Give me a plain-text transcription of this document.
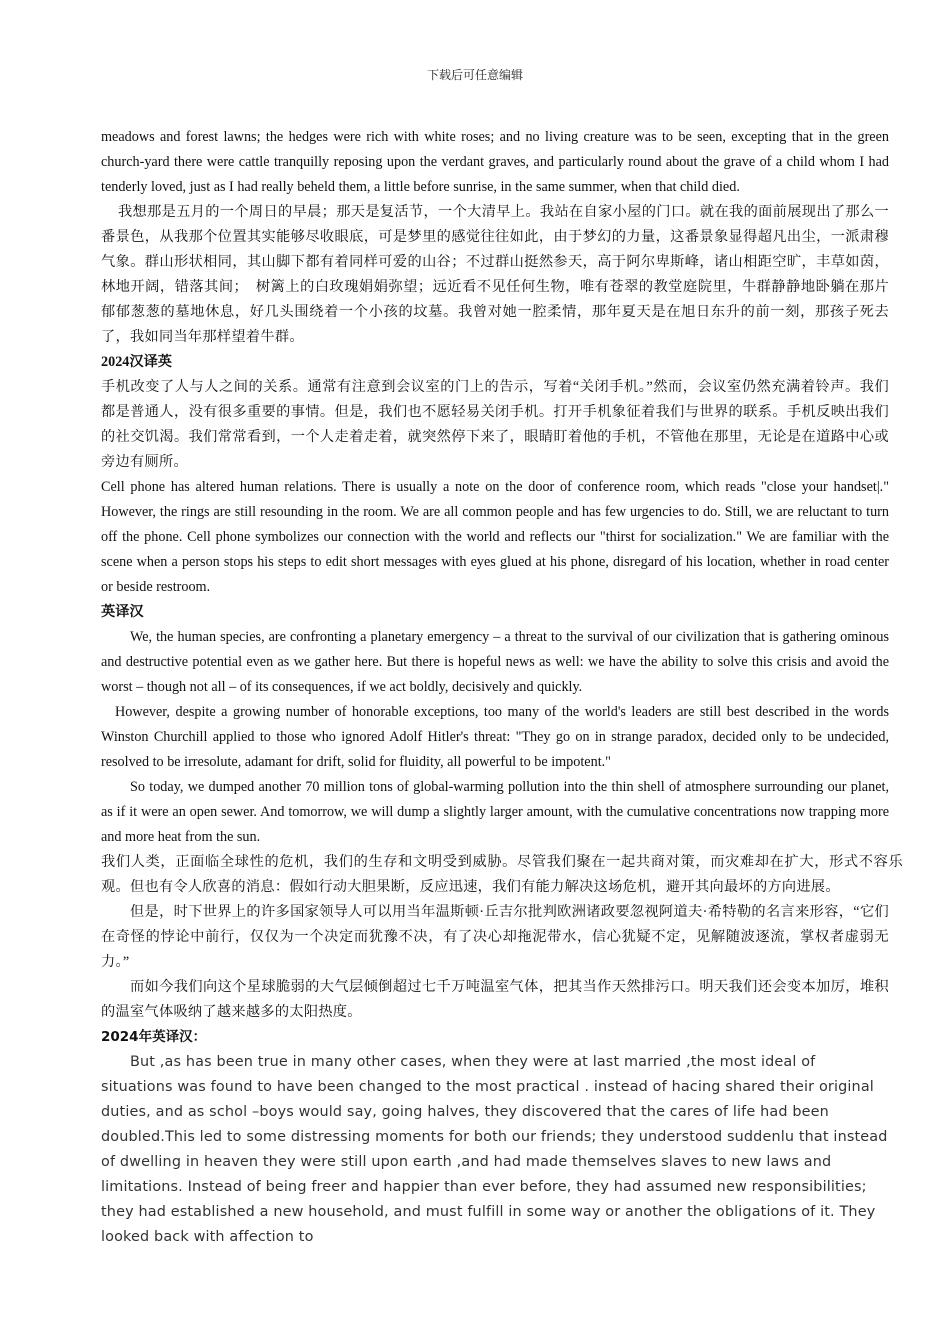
下载后可任意编辑

meadows and forest lawns; the hedges were rich with white roses; and no living creature was to be seen, excepting that in the green church-yard there were cattle tranquilly reposing upon the verdant graves, and particularly round about the grave of a child whom I had tenderly loved, just as I had really beheld them, a little before sunrise, in the same summer, when that child died.

我想那是五月的一个周日的早晨；那天是复活节，一个大清早上。我站在自家小屋的门口。就在我的面前展现出了那么一番景色，从我那个位置其实能够尽收眼底，可是梦里的感觉往往如此，由于梦幻的力量，这番景象显得超凡出尘，一派肃穆气象。群山形状相同，其山脚下都有着同样可爱的山谷；不过群山挺然参天，高于阿尔卑斯峰，诸山相距空旷，丰草如茵，林地开阔，错落其间；　树篱上的白玫瑰娟娟弥望；远近看不见任何生物，唯有苍翠的教堂庭院里，牛群静静地卧躺在那片郁郁葱葱的墓地休息，好几头围绕着一个小孩的坟墓。我曾对她一腔柔情，那年夏天是在旭日东升的前一刻，那孩子死去了，我如同当年那样望着牛群。

2024汉译英

手机改变了人与人之间的关系。通常有注意到会议室的门上的告示，写着“关闭手机。”然而，会议室仍然充满着铃声。我们都是普通人，没有很多重要的事情。但是，我们也不愿轻易关闭手机。打开手机象征着我们与世界的联系。手机反映出我们的社交饥渴。我们常常看到，一个人走着走着，就突然停下来了，眼睛盯着他的手机，不管他在那里，无论是在道路中心或旁边有厕所。

Cell phone has altered human relations. There is usually a note on the door of conference room, which reads "close your handset|." However, the rings are still resounding in the room. We are all common people and has few urgencies to do. Still, we are reluctant to turn off the phone. Cell phone symbolizes our connection with the world and reflects our "thirst for socialization." We are familiar with the scene when a person stops his steps to edit short messages with eyes glued at his phone, disregard of his location, whether in road center or beside restroom.

英译汉

We, the human species, are confronting a planetary emergency – a threat to the survival of our civilization that is gathering ominous and destructive potential even as we gather here. But there is hopeful news as well: we have the ability to solve this crisis and avoid the worst – though not all – of its consequences, if we act boldly, decisively and quickly.

However, despite a growing number of honorable exceptions, too many of the world's leaders are still best described in the words Winston Churchill applied to those who ignored Adolf Hitler's threat: "They go on in strange paradox, decided only to be undecided, resolved to be irresolute, adamant for drift, solid for fluidity, all powerful to be impotent."

So today, we dumped another 70 million tons of global-warming pollution into the thin shell of atmosphere surrounding our planet, as if it were an open sewer. And tomorrow, we will dump a slightly larger amount, with the cumulative concentrations now trapping more and more heat from the sun.

我们人类，正面临全球性的危机，我们的生存和文明受到威胁。尽管我们聚在一起共商对策，而灾难却在扩大，形式不容乐观。但也有令人欣喜的消息：假如行动大胆果断，反应迅速，我们有能力解决这场危机，避开其向最坏的方向进展。

但是，时下世界上的许多国家领导人可以用当年温斯顿·丘吉尔批判欧洲诸政要忽视阿道夫·希特勒的名言来形容，“它们在奇怪的悖论中前行，仅仅为一个决定而犹豫不决，有了决心却拖泥带水，信心犹疑不定，见解随波逐流，掌权者虚弱无力。”

而如今我们向这个星球脆弱的大气层倾倒超过七千万吨温室气体，把其当作天然排污口。明天我们还会变本加厉，堆积的温室气体吸纳了越来越多的太阳热度。

2024年英译汉：

But ,as has been true in many other cases, when they were at last married ,the most ideal of situations was found to have been changed to the most practical . instead of hacing shared their original duties, and as schol –boys would say, going halves, they discovered that the cares of life had been doubled.This led to some distressing moments for both our friends; they understood suddenlu that instead of dwelling in heaven they were still upon earth ,and had made themselves slaves to new laws and limitations. Instead of being freer and happier than ever before, they had assumed new responsibilities; they had established a new household, and must fulfill in some way or another the obligations of it. They looked back with affection to
